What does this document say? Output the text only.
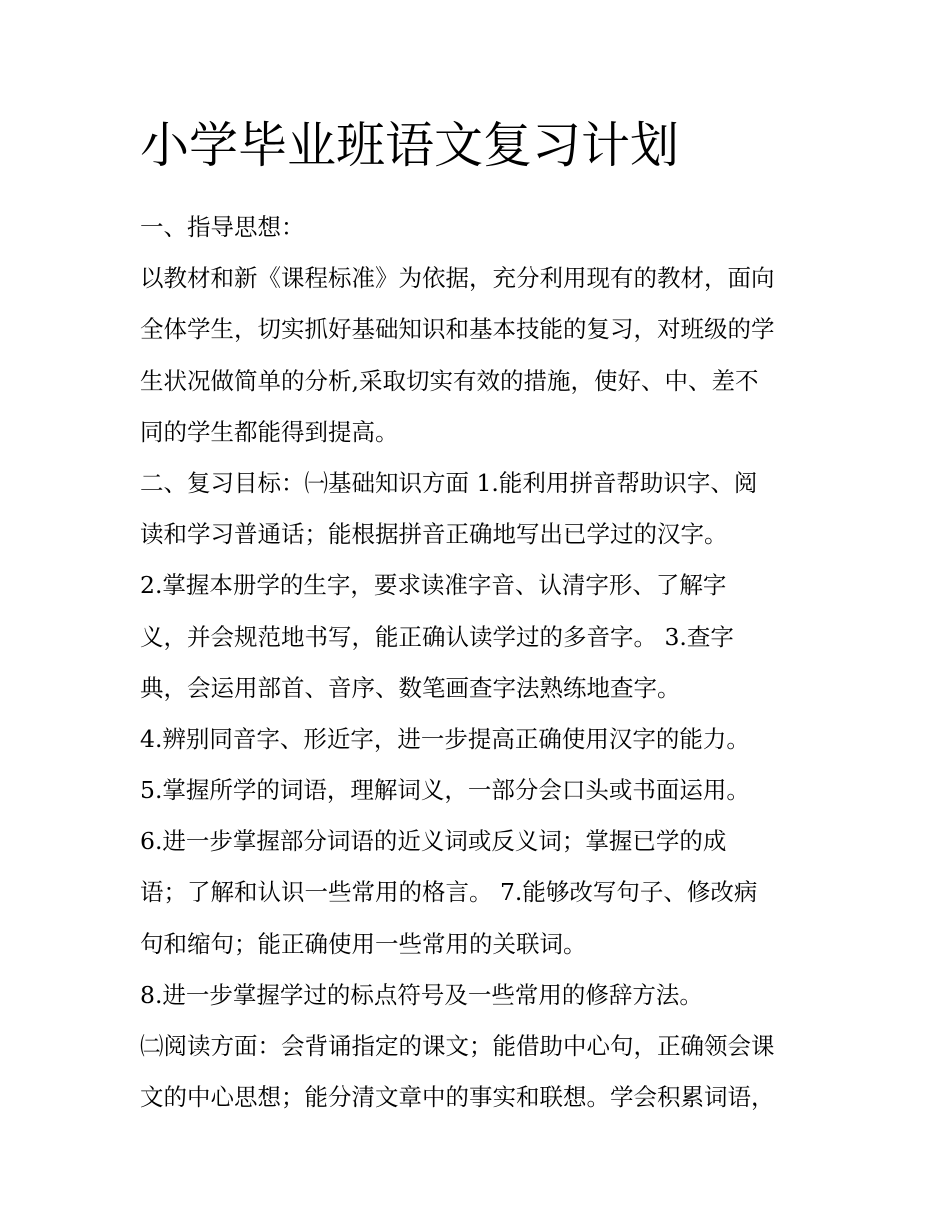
小学毕业班语文复习计划
一、指导思想：
以教材和新《课程标准》为依据，充分利用现有的教材，面向
全体学生，切实抓好基础知识和基本技能的复习，对班级的学
生状况做简单的分析,采取切实有效的措施，使好、中、差不
同的学生都能得到提高。
二、复习目标：㈠基础知识方面 1.能利用拼音帮助识字、阅
读和学习普通话；能根据拼音正确地写出已学过的汉字。
2.掌握本册学的生字，要求读准字音、认清字形、了解字
义，并会规范地书写，能正确认读学过的多音字。 3.查字
典，会运用部首、音序、数笔画查字法熟练地查字。
4.辨别同音字、形近字，进一步提高正确使用汉字的能力。
5.掌握所学的词语，理解词义，一部分会口头或书面运用。
6.进一步掌握部分词语的近义词或反义词；掌握已学的成
语；了解和认识一些常用的格言。 7.能够改写句子、修改病
句和缩句；能正确使用一些常用的关联词。
8.进一步掌握学过的标点符号及一些常用的修辞方法。
㈡阅读方面：会背诵指定的课文；能借助中心句，正确领会课
文的中心思想；能分清文章中的事实和联想。学会积累词语，
